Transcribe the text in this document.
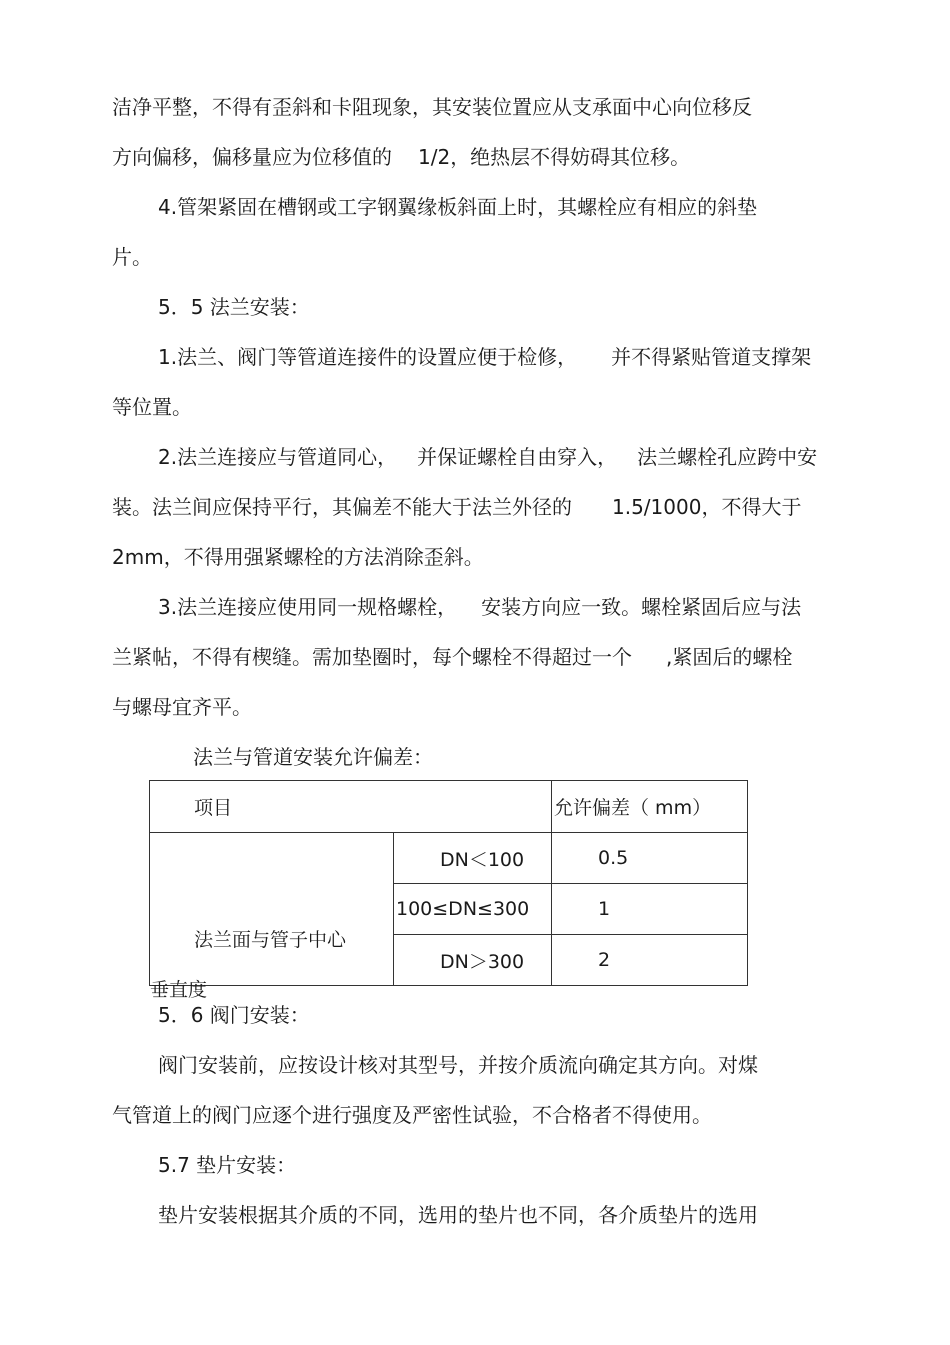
洁净平整，不得有歪斜和卡阻现象，其安装位置应从支承面中心向位移反
方向偏移，偏移量应为位移值的 1/2，绝热层不得妨碍其位移。
4.管架紧固在槽钢或工字钢翼缘板斜面上时，其螺栓应有相应的斜垫
片。
5．5 法兰安装：
1.法兰、阀门等管道连接件的设置应便于检修， 并不得紧贴管道支撑架
等位置。
2.法兰连接应与管道同心， 并保证螺栓自由穿入， 法兰螺栓孔应跨中安
装。法兰间应保持平行，其偏差不能大于法兰外径的 1.5/1000，不得大于
2mm，不得用强紧螺栓的方法消除歪斜。
3.法兰连接应使用同一规格螺栓， 安装方向应一致。螺栓紧固后应与法
兰紧帖，不得有楔缝。需加垫圈时，每个螺栓不得超过一个 ,紧固后的螺栓
与螺母宜齐平。
法兰与管道安装允许偏差：
项目		允许偏差（ mm）

法兰面与管子中心
垂直度	DN＜100	0.5
	100≤DN≤300	1
	DN＞300	2
5．6 阀门安装：
阀门安装前，应按设计核对其型号，并按介质流向确定其方向。对煤
气管道上的阀门应逐个进行强度及严密性试验，不合格者不得使用。
5.7 垫片安装：
垫片安装根据其介质的不同，选用的垫片也不同，各介质垫片的选用
